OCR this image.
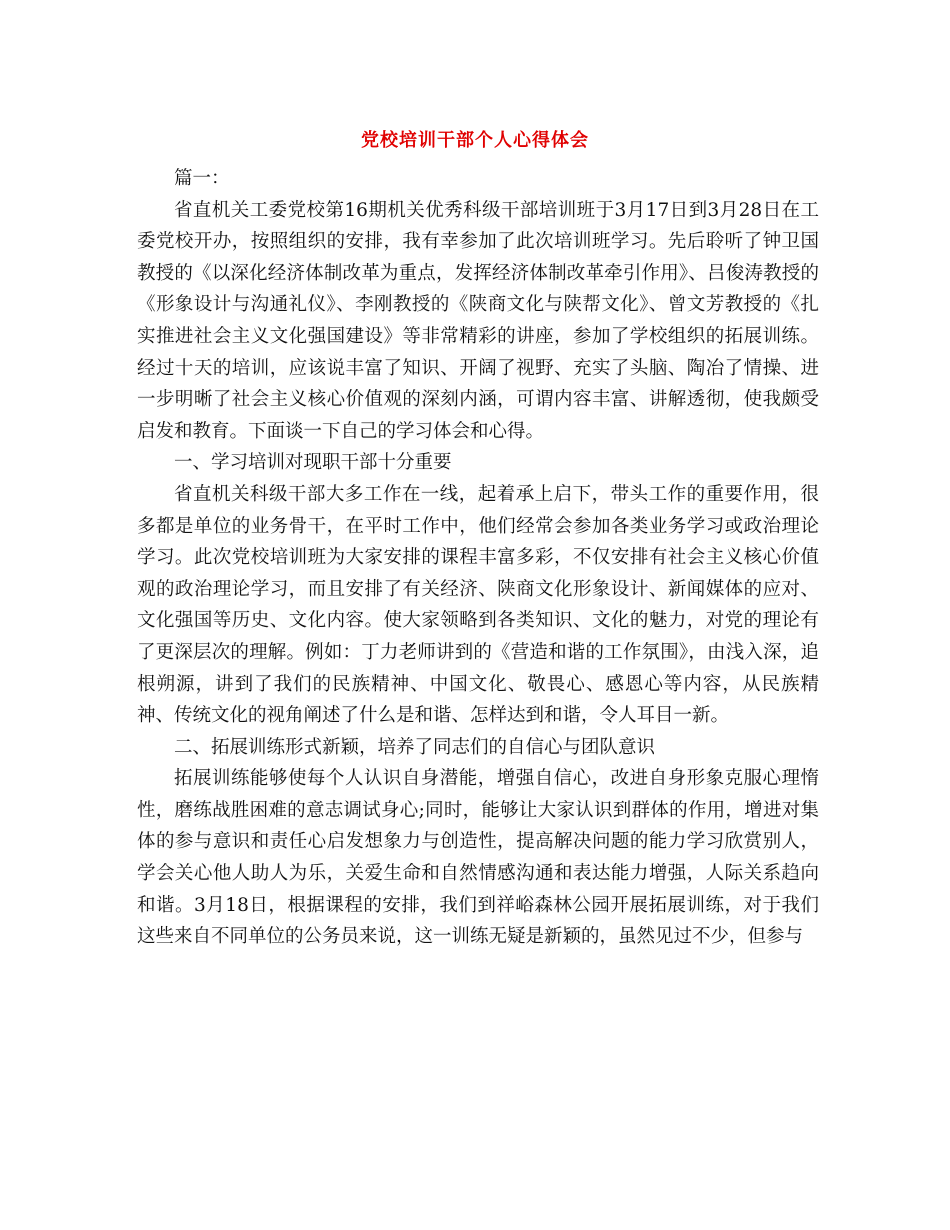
党校培训干部个人心得体会

篇一：

省直机关工委党校第16期机关优秀科级干部培训班于3月17日到3月28日在工委党校开办，按照组织的安排，我有幸参加了此次培训班学习。先后聆听了钟卫国教授的《以深化经济体制改革为重点，发挥经济体制改革牵引作用》、吕俊涛教授的《形象设计与沟通礼仪》、李刚教授的《陕商文化与陕帮文化》、曾文芳教授的《扎实推进社会主义文化强国建设》等非常精彩的讲座，参加了学校组织的拓展训练。经过十天的培训，应该说丰富了知识、开阔了视野、充实了头脑、陶冶了情操、进一步明晰了社会主义核心价值观的深刻内涵，可谓内容丰富、讲解透彻，使我颇受启发和教育。下面谈一下自己的学习体会和心得。

一、学习培训对现职干部十分重要

省直机关科级干部大多工作在一线，起着承上启下，带头工作的重要作用，很多都是单位的业务骨干，在平时工作中，他们经常会参加各类业务学习或政治理论学习。此次党校培训班为大家安排的课程丰富多彩，不仅安排有社会主义核心价值观的政治理论学习，而且安排了有关经济、陕商文化形象设计、新闻媒体的应对、文化强国等历史、文化内容。使大家领略到各类知识、文化的魅力，对党的理论有了更深层次的理解。例如：丁力老师讲到的《营造和谐的工作氛围》，由浅入深，追根朔源，讲到了我们的民族精神、中国文化、敬畏心、感恩心等内容，从民族精神、传统文化的视角阐述了什么是和谐、怎样达到和谐，令人耳目一新。

二、拓展训练形式新颖，培养了同志们的自信心与团队意识

拓展训练能够使每个人认识自身潜能，增强自信心，改进自身形象克服心理惰性，磨练战胜困难的意志调试身心;同时，能够让大家认识到群体的作用，增进对集体的参与意识和责任心启发想象力与创造性，提高解决问题的能力学习欣赏别人，学会关心他人助人为乐，关爱生命和自然情感沟通和表达能力增强，人际关系趋向和谐。3月18日，根据课程的安排，我们到祥峪森林公园开展拓展训练，对于我们这些来自不同单位的公务员来说，这一训练无疑是新颖的，虽然见过不少，但参与
